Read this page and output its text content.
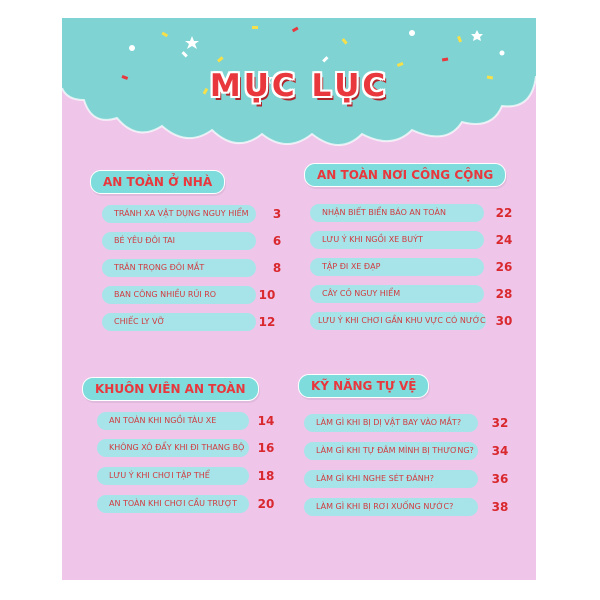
MỤC LỤC
AN TOÀN Ở NHÀ
TRÁNH XA VẬT DỤNG NGUY HIỂM	3
BÉ YÊU ĐÔI TAI	6
TRÂN TRỌNG ĐÔI MẮT	8
BAN CÔNG NHIỀU RỦI RO	10
CHIẾC LY VỠ	12
AN TOÀN NƠI CÔNG CỘNG
NHẬN BIẾT BIỂN BÁO AN TOÀN	22
LƯU Ý KHI NGỒI XE BUÝT	24
TẬP ĐI XE ĐẠP	26
CÂY CỎ NGUY HIỂM	28
LƯU Ý KHI CHƠI GẦN KHU VỰC CÓ NƯỚC 30
KHUÔN VIÊN AN TOÀN
AN TOÀN KHI NGỒI TÀU XE	14
KHÔNG XÔ ĐẨY KHI ĐI THANG BỘ	16
LƯU Ý KHI CHƠI TẬP THỂ	18
AN TOÀN KHI CHƠI CẦU TRƯỢT	20
KỸ NĂNG TỰ VỆ
LÀM GÌ KHI BỊ DỊ VẬT BAY VÀO MẮT?	32
LÀM GÌ KHI TỰ ĐÂM MÌNH BỊ THƯƠNG?	34
LÀM GÌ KHI NGHE SÉT ĐÁNH?	36
LÀM GÌ KHI BỊ RƠI XUỐNG NƯỚC?	38
